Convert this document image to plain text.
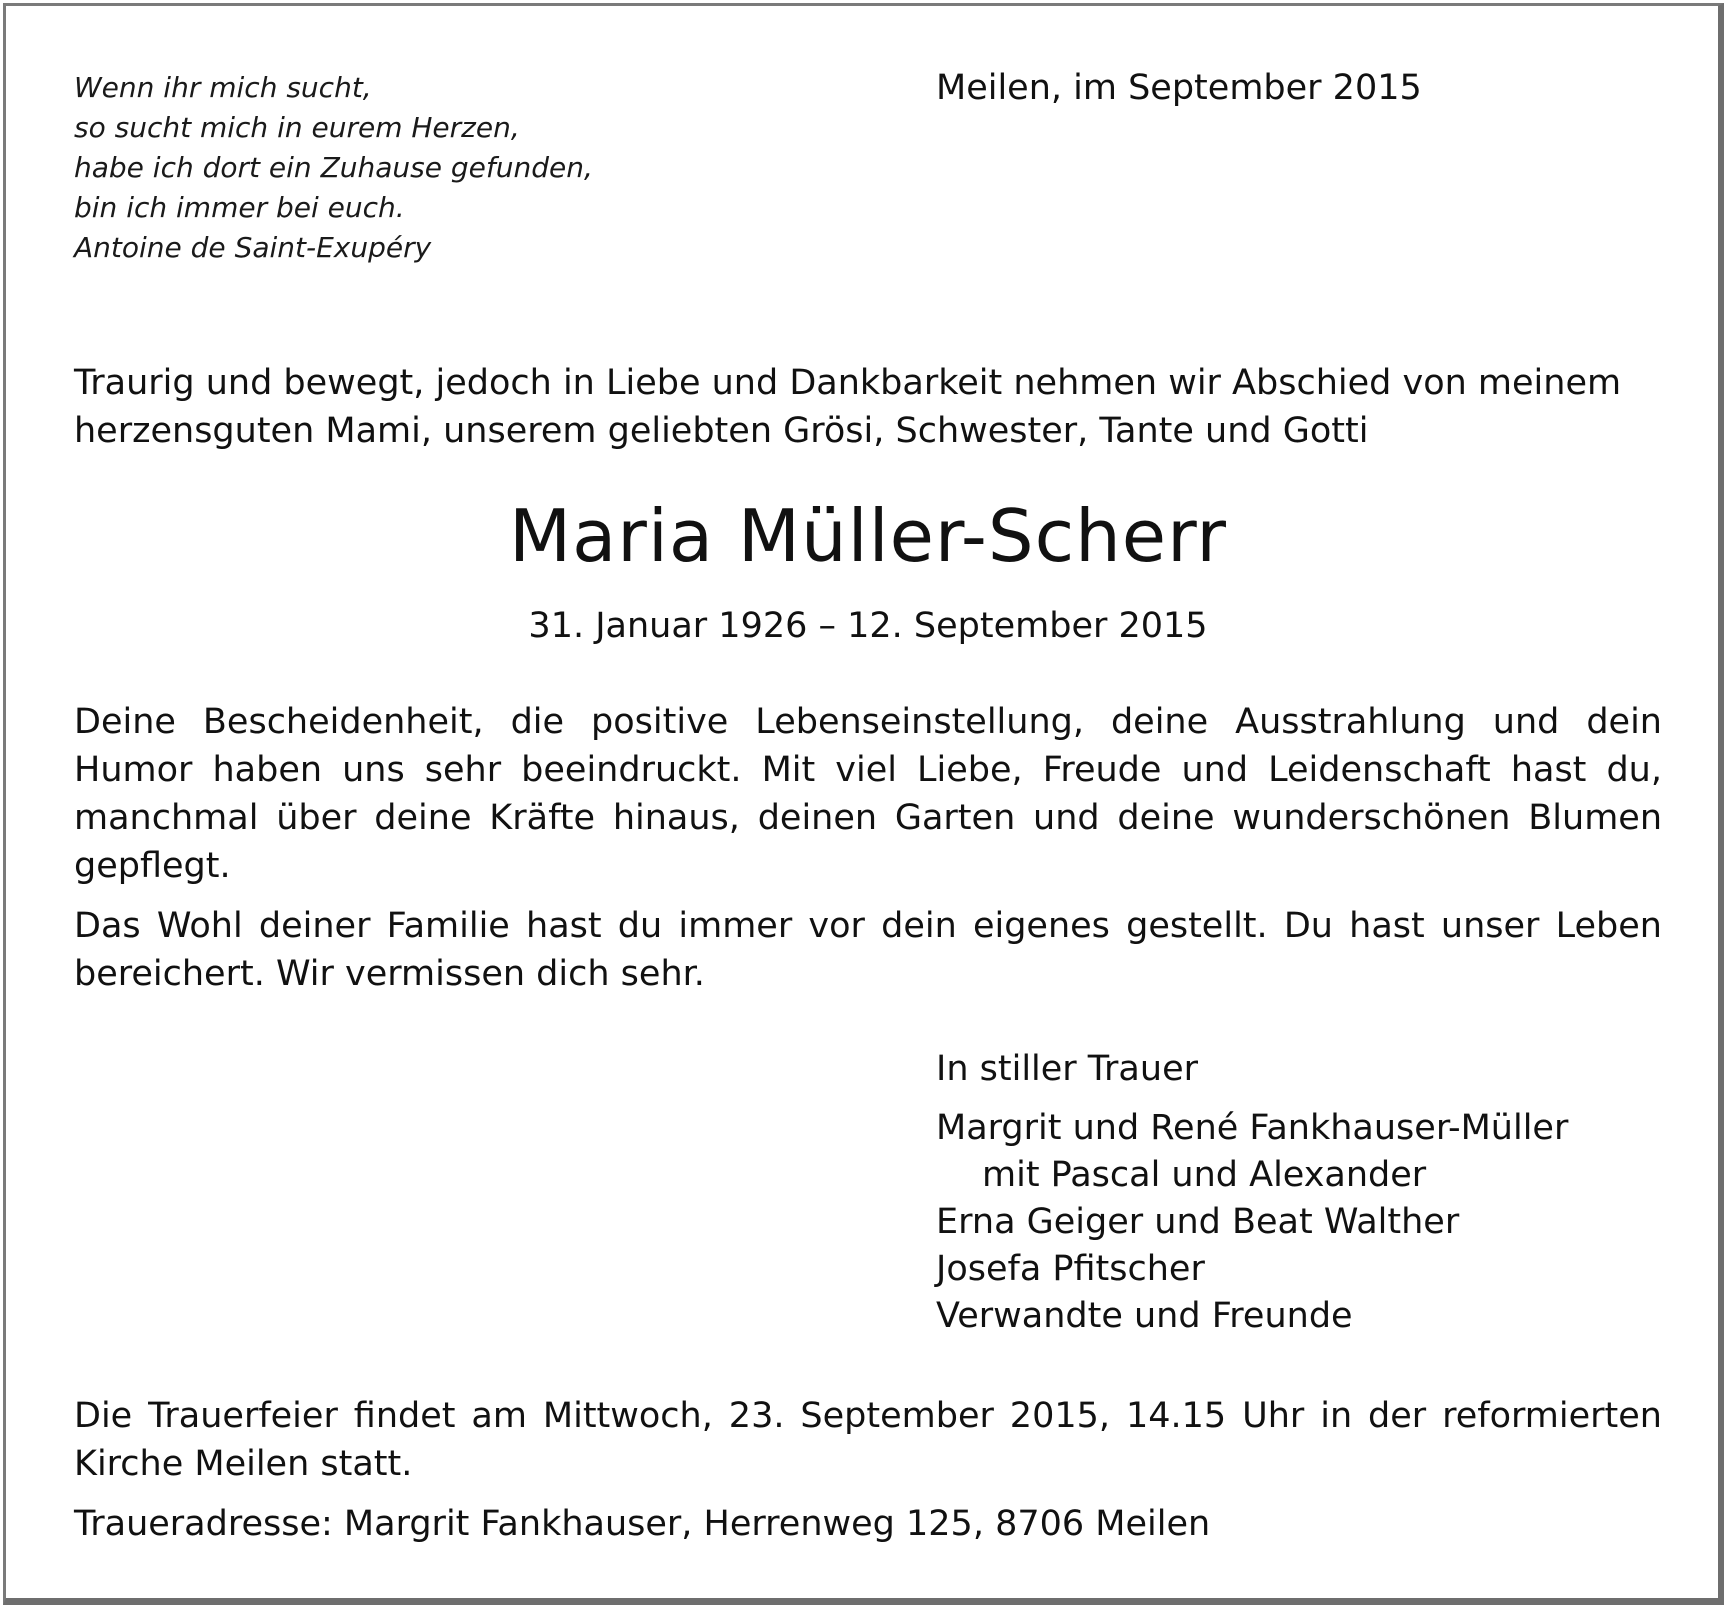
Wenn ihr mich sucht,
so sucht mich in eurem Herzen,
habe ich dort ein Zuhause gefunden,
bin ich immer bei euch.
Antoine de Saint-Exupéry
Meilen, im September 2015
Traurig und bewegt, jedoch in Liebe und Dankbarkeit nehmen wir Abschied von meinem
herzensguten Mami, unserem geliebten Grösi, Schwester, Tante und Gotti
Maria Müller-Scherr
31. Januar 1926 – 12. September 2015

Deine Bescheidenheit, die positive Lebenseinstellung, deine Ausstrahlung und dein Humor haben uns sehr beeindruckt. Mit viel Liebe, Freude und Leidenschaft hast du, manchmal über deine Kräfte hinaus, deinen Garten und deine wunderschönen Blumen gepflegt.

Das Wohl deiner Familie hast du immer vor dein eigenes gestellt. Du hast unser Leben bereichert. Wir vermissen dich sehr.

In stiller Trauer
Margrit und René Fankhauser-Müller
mit Pascal und Alexander
Erna Geiger und Beat Walther
Josefa Pfitscher
Verwandte und Freunde

Die Trauerfeier findet am Mittwoch, 23. September 2015, 14.15 Uhr in der reformierten Kirche Meilen statt.

Traueradresse: Margrit Fankhauser, Herrenweg 125, 8706 Meilen
